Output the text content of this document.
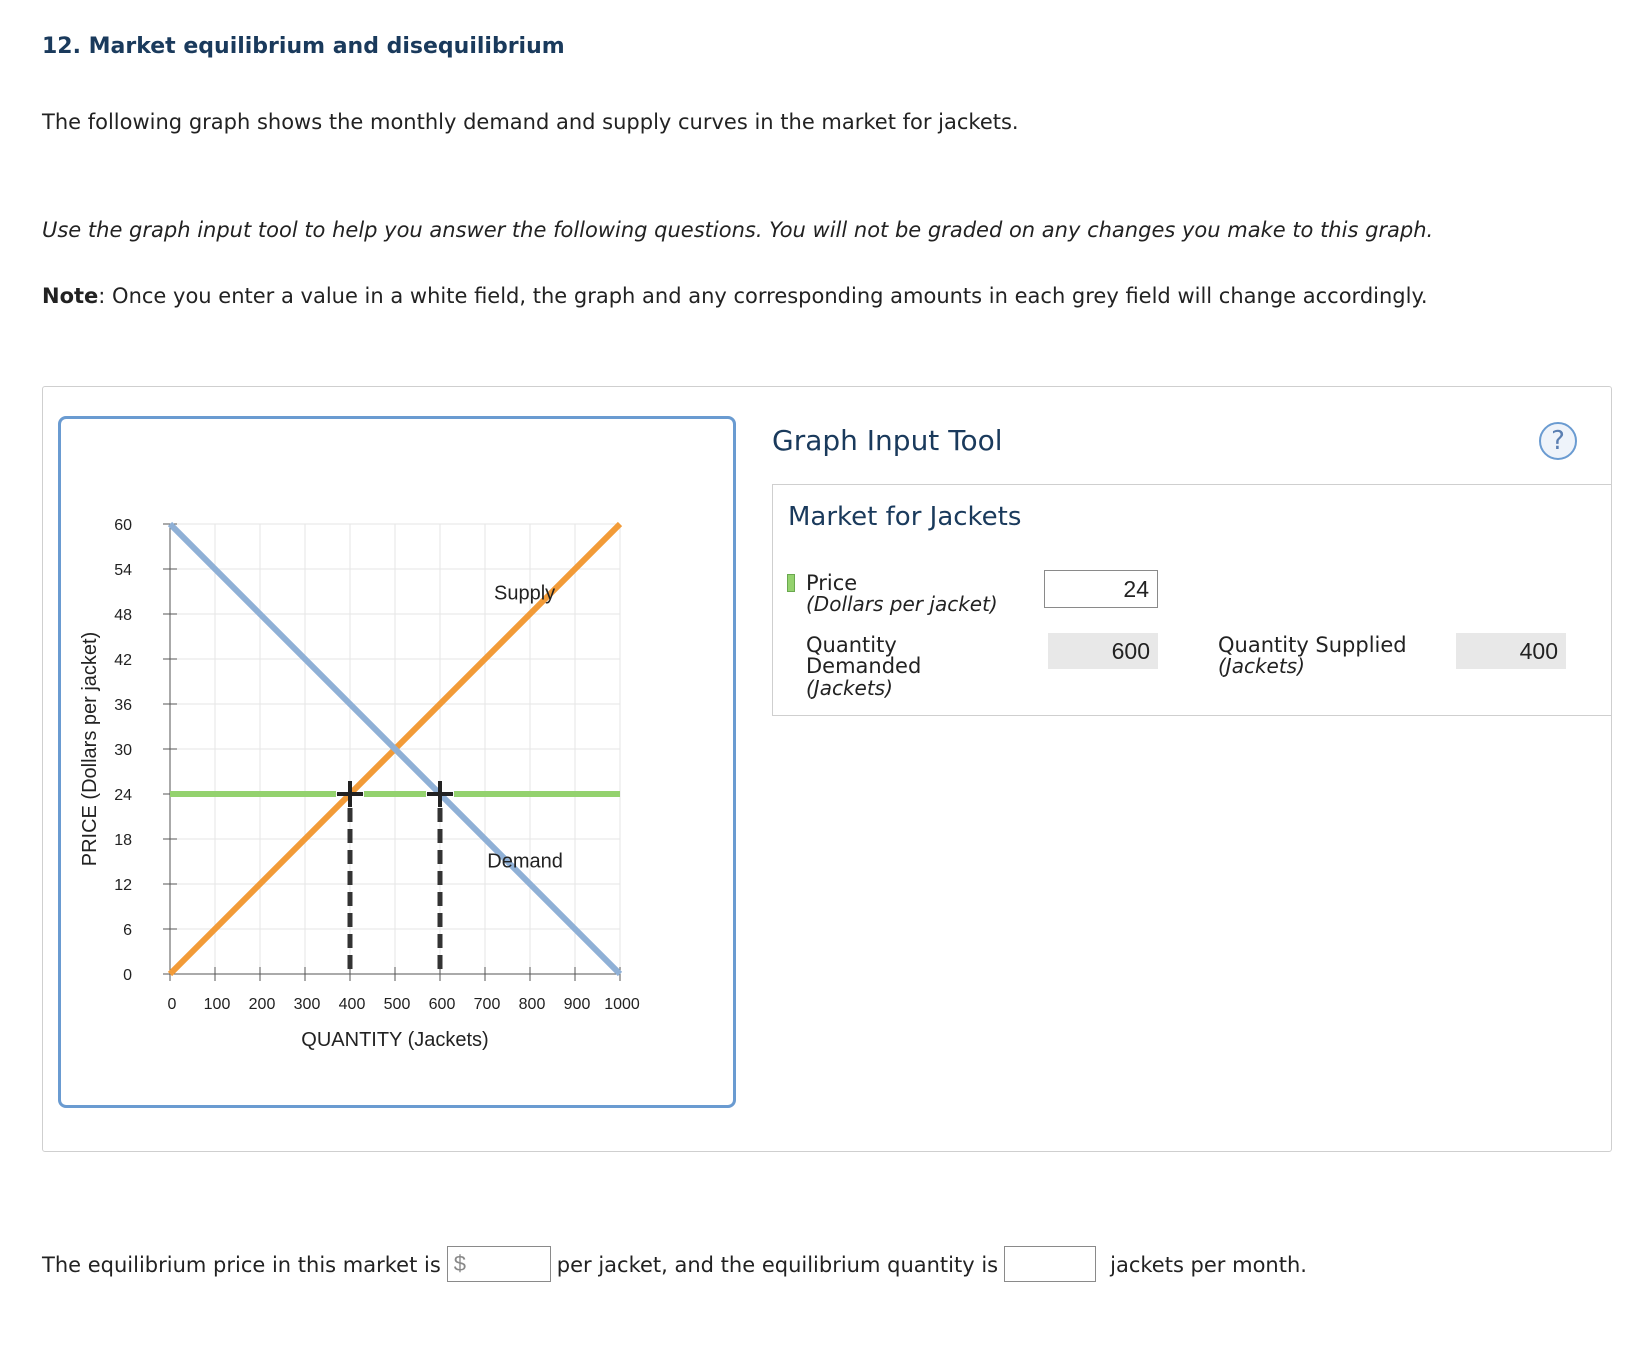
12. Market equilibrium and disequilibrium

The following graph shows the monthly demand and supply curves in the market for jackets.

Use the graph input tool to help you answer the following questions. You will not be graded on any changes you make to this graph.

Note: Once you enter a value in a white field, the graph and any corresponding amounts in each grey field will change accordingly.

0
6
12
18
24
30
36
42
48
54
60
0 100 200 300 400 500 600 700 800 900 1000
Supply
Demand
QUANTITY (Jackets)
PRICE (Dollars per jacket)
Graph Input Tool	?
Market for Jackets
Price
(Dollars per jacket)
24
Quantity
Demanded
(Jackets)
600	Quantity Supplied
(Jackets)
400

The equilibrium price in this market is $	per jacket, and the equilibrium quantity is	jackets per month.
